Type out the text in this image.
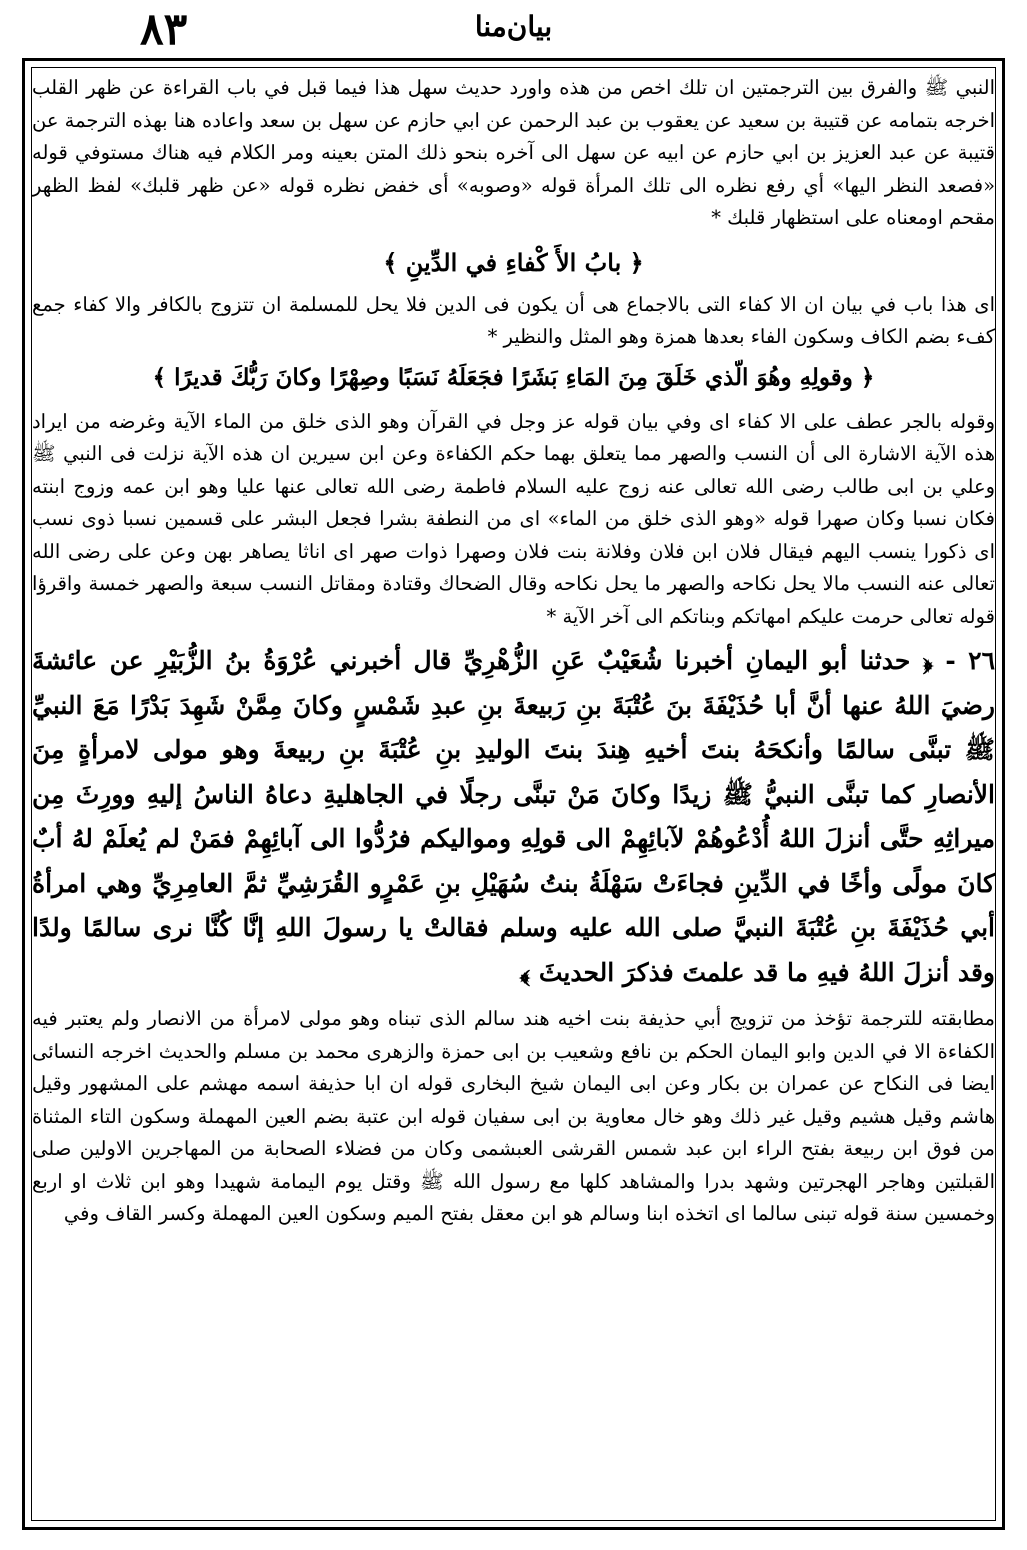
٨٣	بيان‌منا

النبي ﷺ والفرق بين الترجمتين ان تلك اخص من هذه واورد حديث سهل هذا فيما قبل في باب القراءة عن ظهر القلب اخرجه بتمامه عن قتيبة بن سعيد عن يعقوب بن عبد الرحمن عن ابي حازم عن سهل بن سعد واعاده هنا بهذه الترجمة عن قتيبة عن عبد العزيز بن ابي حازم عن ابيه عن سهل الى آخره بنحو ذلك المتن بعينه ومر الكلام فيه هناك مستوفي قوله «فصعد النظر اليها» أي رفع نظره الى تلك المرأة قوله «وصوبه» أى خفض نظره قوله «عن ظهر قلبك» لفظ الظهر مقحم اومعناه على استظهار قلبك *

﴿ بابُ الأَ كْفاءِ في الدِّينِ ﴾

اى هذا باب في بيان ان الا كفاء التى بالاجماع هى أن يكون فى الدين فلا يحل للمسلمة ان تتزوج بالكافر والا كفاء جمع كفء بضم الكاف وسكون الفاء بعدها همزة وهو المثل والنظير *

﴿ وقولِهِ وهُوَ الّذي خَلَقَ مِنَ المَاءِ بَشَرًا فجَعَلَهُ نَسَبًا وصِهْرًا وكانَ رَبُّكَ قديرًا ﴾

وقوله بالجر عطف على الا كفاء اى وفي بيان قوله عز وجل في القرآن وهو الذى خلق من الماء الآية وغرضه من ايراد هذه الآية الاشارة الى أن النسب والصهر مما يتعلق بهما حكم الكفاءة وعن ابن سيرين ان هذه الآية نزلت فى النبي ﷺ وعلي بن ابى طالب رضى الله تعالى عنه زوج عليه السلام فاطمة رضى الله تعالى عنها عليا وهو ابن عمه وزوج ابنته فكان نسبا وكان صهرا قوله «وهو الذى خلق من الماء» اى من النطفة بشرا فجعل البشر على قسمين نسبا ذوى نسب اى ذكورا ينسب اليهم فيقال فلان ابن فلان وفلانة بنت فلان وصهرا ذوات صهر اى اناثا يصاهر بهن وعن على رضى الله تعالى عنه النسب مالا يحل نكاحه والصهر ما يحل نكاحه وقال الضحاك وقتادة ومقاتل النسب سبعة والصهر خمسة واقرؤا قوله تعالى حرمت عليكم امهاتكم وبناتكم الى آخر الآية *

٢٦ - ﴿ حدثنا أبو اليمانِ أخبرنا شُعَيْبٌ عَنِ الزُّهْرِيِّ قال أخبرني عُرْوَةُ بنُ الزُّبَيْرِ عن عائشةَ رضيَ اللهُ عنها أنَّ أبا حُذَيْفَةَ بنَ عُتْبَةَ بنِ رَبيعةَ بنِ عبدِ شَمْسٍ وكانَ مِمَّنْ شَهِدَ بَدْرًا مَعَ النبيِّ ﷺ تبنَّى سالمًا وأنكحَهُ بنتَ أخيهِ هِندَ بنتَ الوليدِ بنِ عُتْبَةَ بنِ ربيعةَ وهو مولى لامرأةٍ مِنَ الأنصارِ كما تبنَّى النبيُّ ﷺ زيدًا وكانَ مَنْ تبنَّى رجلًا في الجاهليةِ دعاهُ الناسُ إليهِ وورِثَ مِن ميراثِهِ حتَّى أنزلَ اللهُ أُدْعُوهُمْ لآبائِهِمْ الى قولِهِ ومواليكم فرُدُّوا الى آبائِهِمْ فمَنْ لم يُعلَمْ لهُ أبٌ كانَ مولًى وأخًا في الدِّينِ فجاءَتْ سَهْلَةُ بنتُ سُهَيْلِ بنِ عَمْرٍو القُرَشِيِّ ثمَّ العامِرِيِّ وهي امرأةُ أبي حُذَيْفَةَ بنِ عُتْبَةَ النبيَّ صلى الله عليه وسلم فقالتْ يا رسولَ اللهِ إنَّا كُنَّا نرى سالمًا ولدًا وقد أنزلَ اللهُ فيهِ ما قد علمتَ فذكرَ الحديثَ ﴾

مطابقته للترجمة تؤخذ من تزويج أبي حذيفة بنت اخيه هند سالم الذى تبناه وهو مولى لامرأة من الانصار ولم يعتبر فيه الكفاءة الا في الدين وابو اليمان الحكم بن نافع وشعيب بن ابى حمزة والزهرى محمد بن مسلم والحديث اخرجه النسائى ايضا فى النكاح عن عمران بن بكار وعن ابى اليمان شيخ البخارى قوله ان ابا حذيفة اسمه مهشم على المشهور وقيل هاشم وقيل هشيم وقيل غير ذلك وهو خال معاوية بن ابى سفيان قوله ابن عتبة بضم العين المهملة وسكون التاء المثناة من فوق ابن ربيعة بفتح الراء ابن عبد شمس القرشى العبشمى وكان من فضلاء الصحابة من المهاجرين الاولين صلى القبلتين وهاجر الهجرتين وشهد بدرا والمشاهد كلها مع رسول الله ﷺ وقتل يوم اليمامة شهيدا وهو ابن ثلاث او اربع وخمسين سنة قوله تبنى سالما اى اتخذه ابنا وسالم هو ابن معقل بفتح الميم وسكون العين المهملة وكسر القاف وفي
